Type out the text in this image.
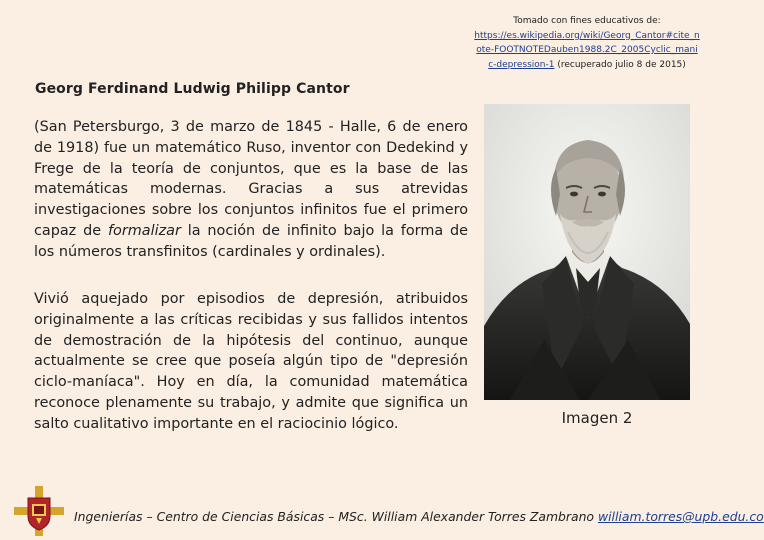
Tomado con fines educativos de:
https://es.wikipedia.org/wiki/Georg_Cantor#cite_note-FOOTNOTEDauben1988.2C_2005Cyclic_manic-depression-1 (recuperado julio 8 de 2015)
Georg Ferdinand Ludwig Philipp Cantor

(San Petersburgo, 3 de marzo de 1845 - Halle, 6 de enero de 1918) fue un matemático Ruso, inventor con Dedekind y Frege de la teoría de conjuntos, que es la base de las matemáticas modernas. Gracias a sus atrevidas investigaciones sobre los conjuntos infinitos fue el primero capaz de formalizar la noción de infinito bajo la forma de los números transfinitos (cardinales y ordinales).

Vivió aquejado por episodios de depresión, atribuidos originalmente a las críticas recibidas y sus fallidos intentos de demostración de la hipótesis del continuo, aunque actualmente se cree que poseía algún tipo de "depresión ciclo-maníaca". Hoy en día, la comunidad matemática reconoce plenamente su trabajo, y admite que significa un salto cualitativo importante en el raciocinio lógico.	Imagen 2
Ingenierías – Centro de Ciencias Básicas – MSc. William Alexander Torres Zambrano william.torres@upb.edu.co
